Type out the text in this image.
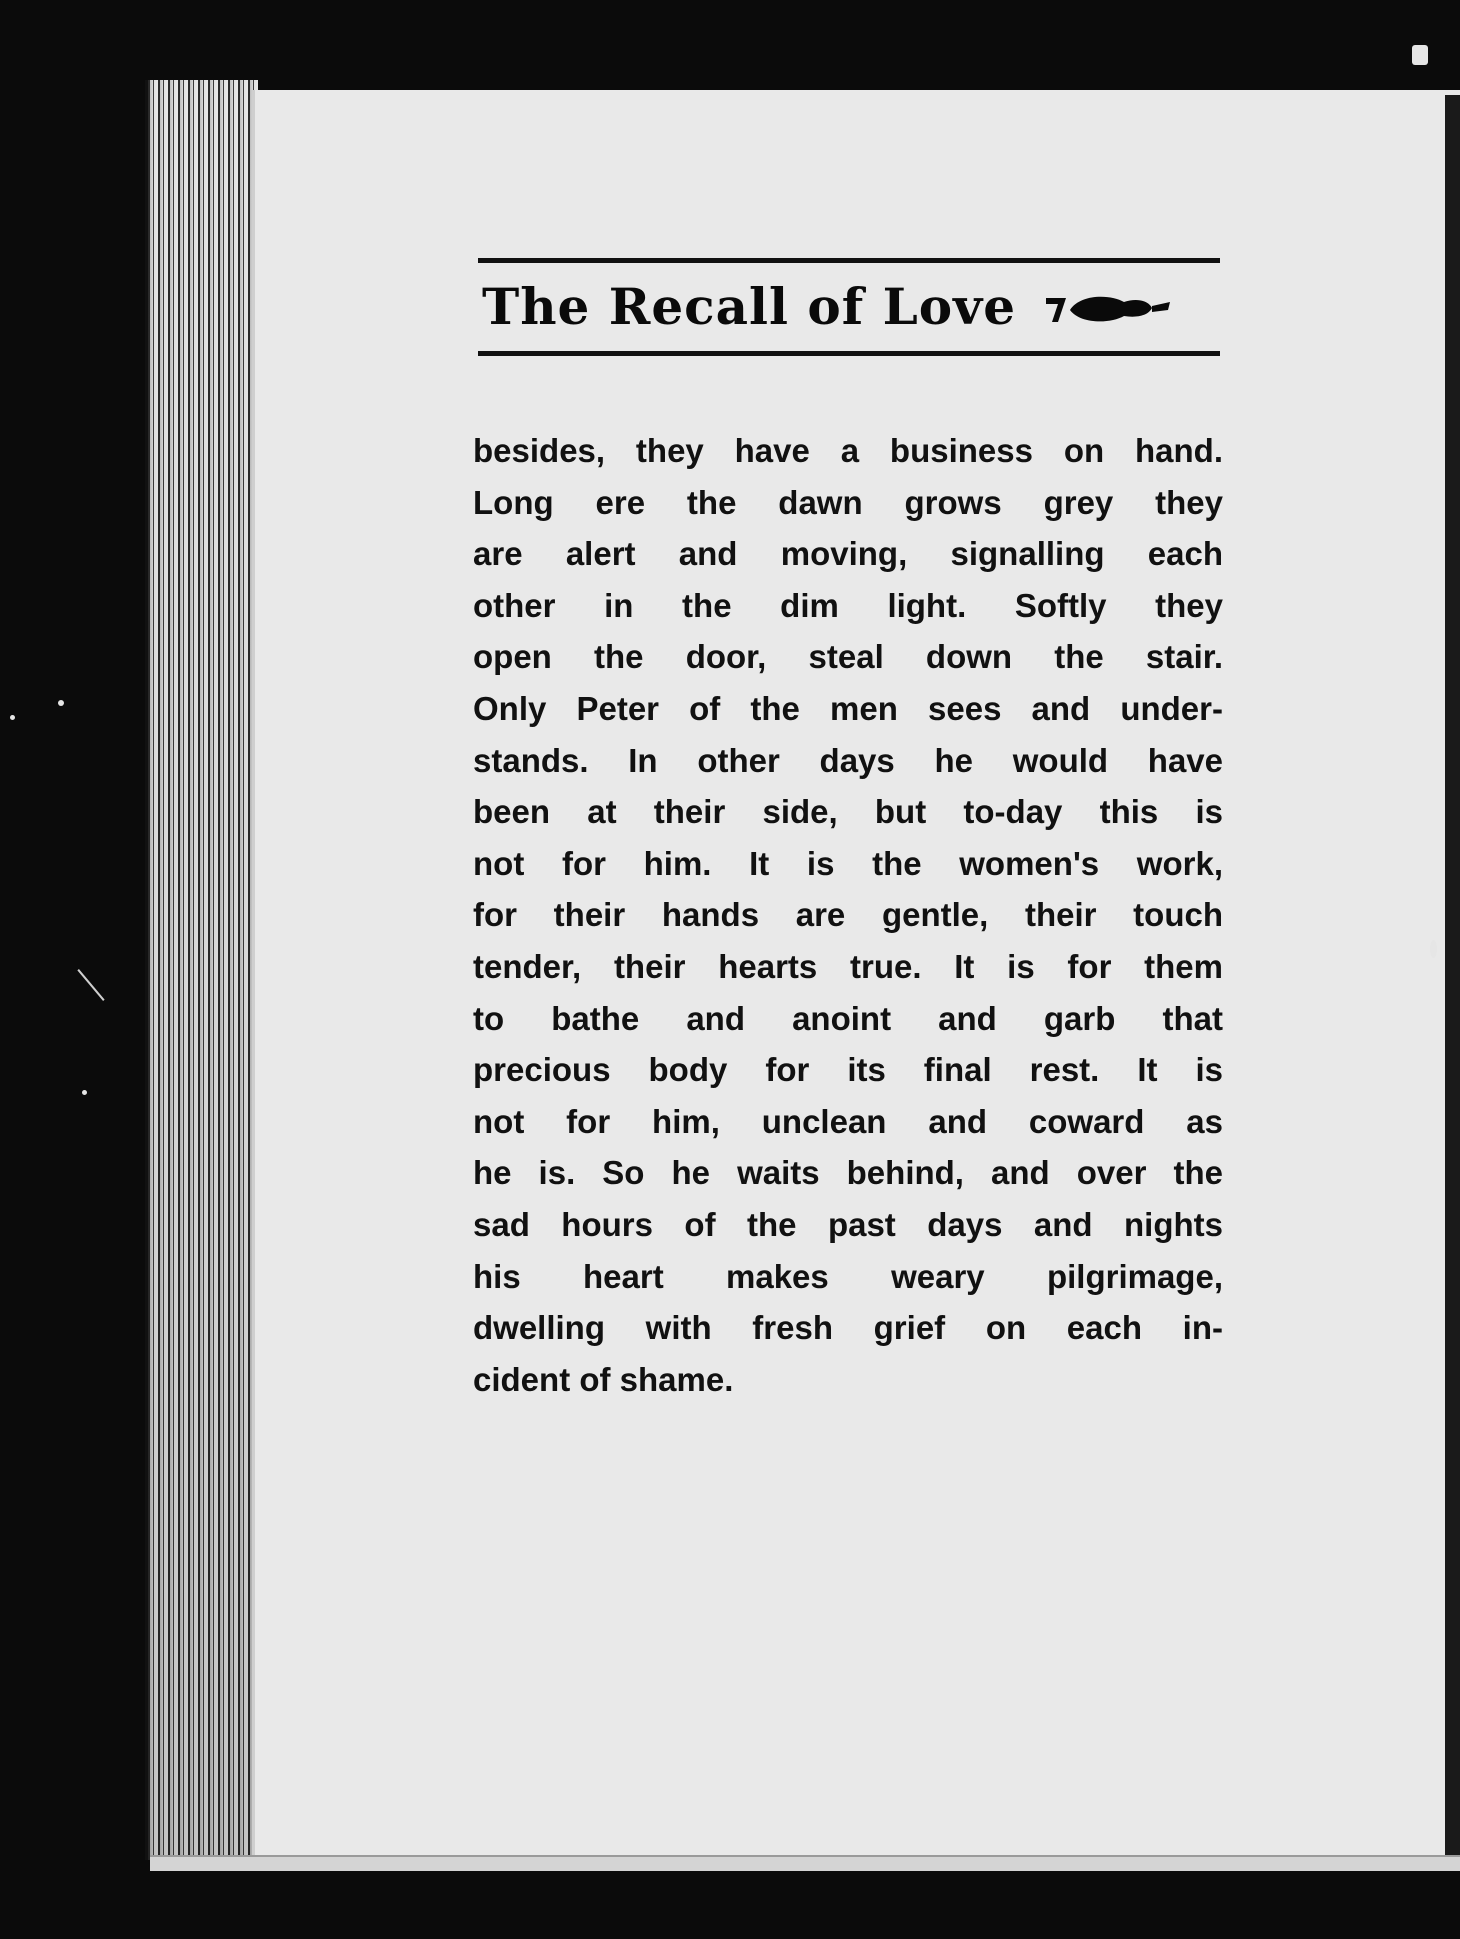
The Recall of Love
besides, they have a business on hand.
Long ere the dawn grows grey they
are alert and moving, signalling each
other in the dim light. Softly they
open the door, steal down the stair.
Only Peter of the men sees and under-
stands. In other days he would have
been at their side, but to-day this is
not for him. It is the women's work,
for their hands are gentle, their touch
tender, their hearts true. It is for them
to bathe and anoint and garb that
precious body for its final rest. It is
not for him, unclean and coward as
he is. So he waits behind, and over the
sad hours of the past days and nights
his heart makes weary pilgrimage,
dwelling with fresh grief on each in-
cident of shame.
